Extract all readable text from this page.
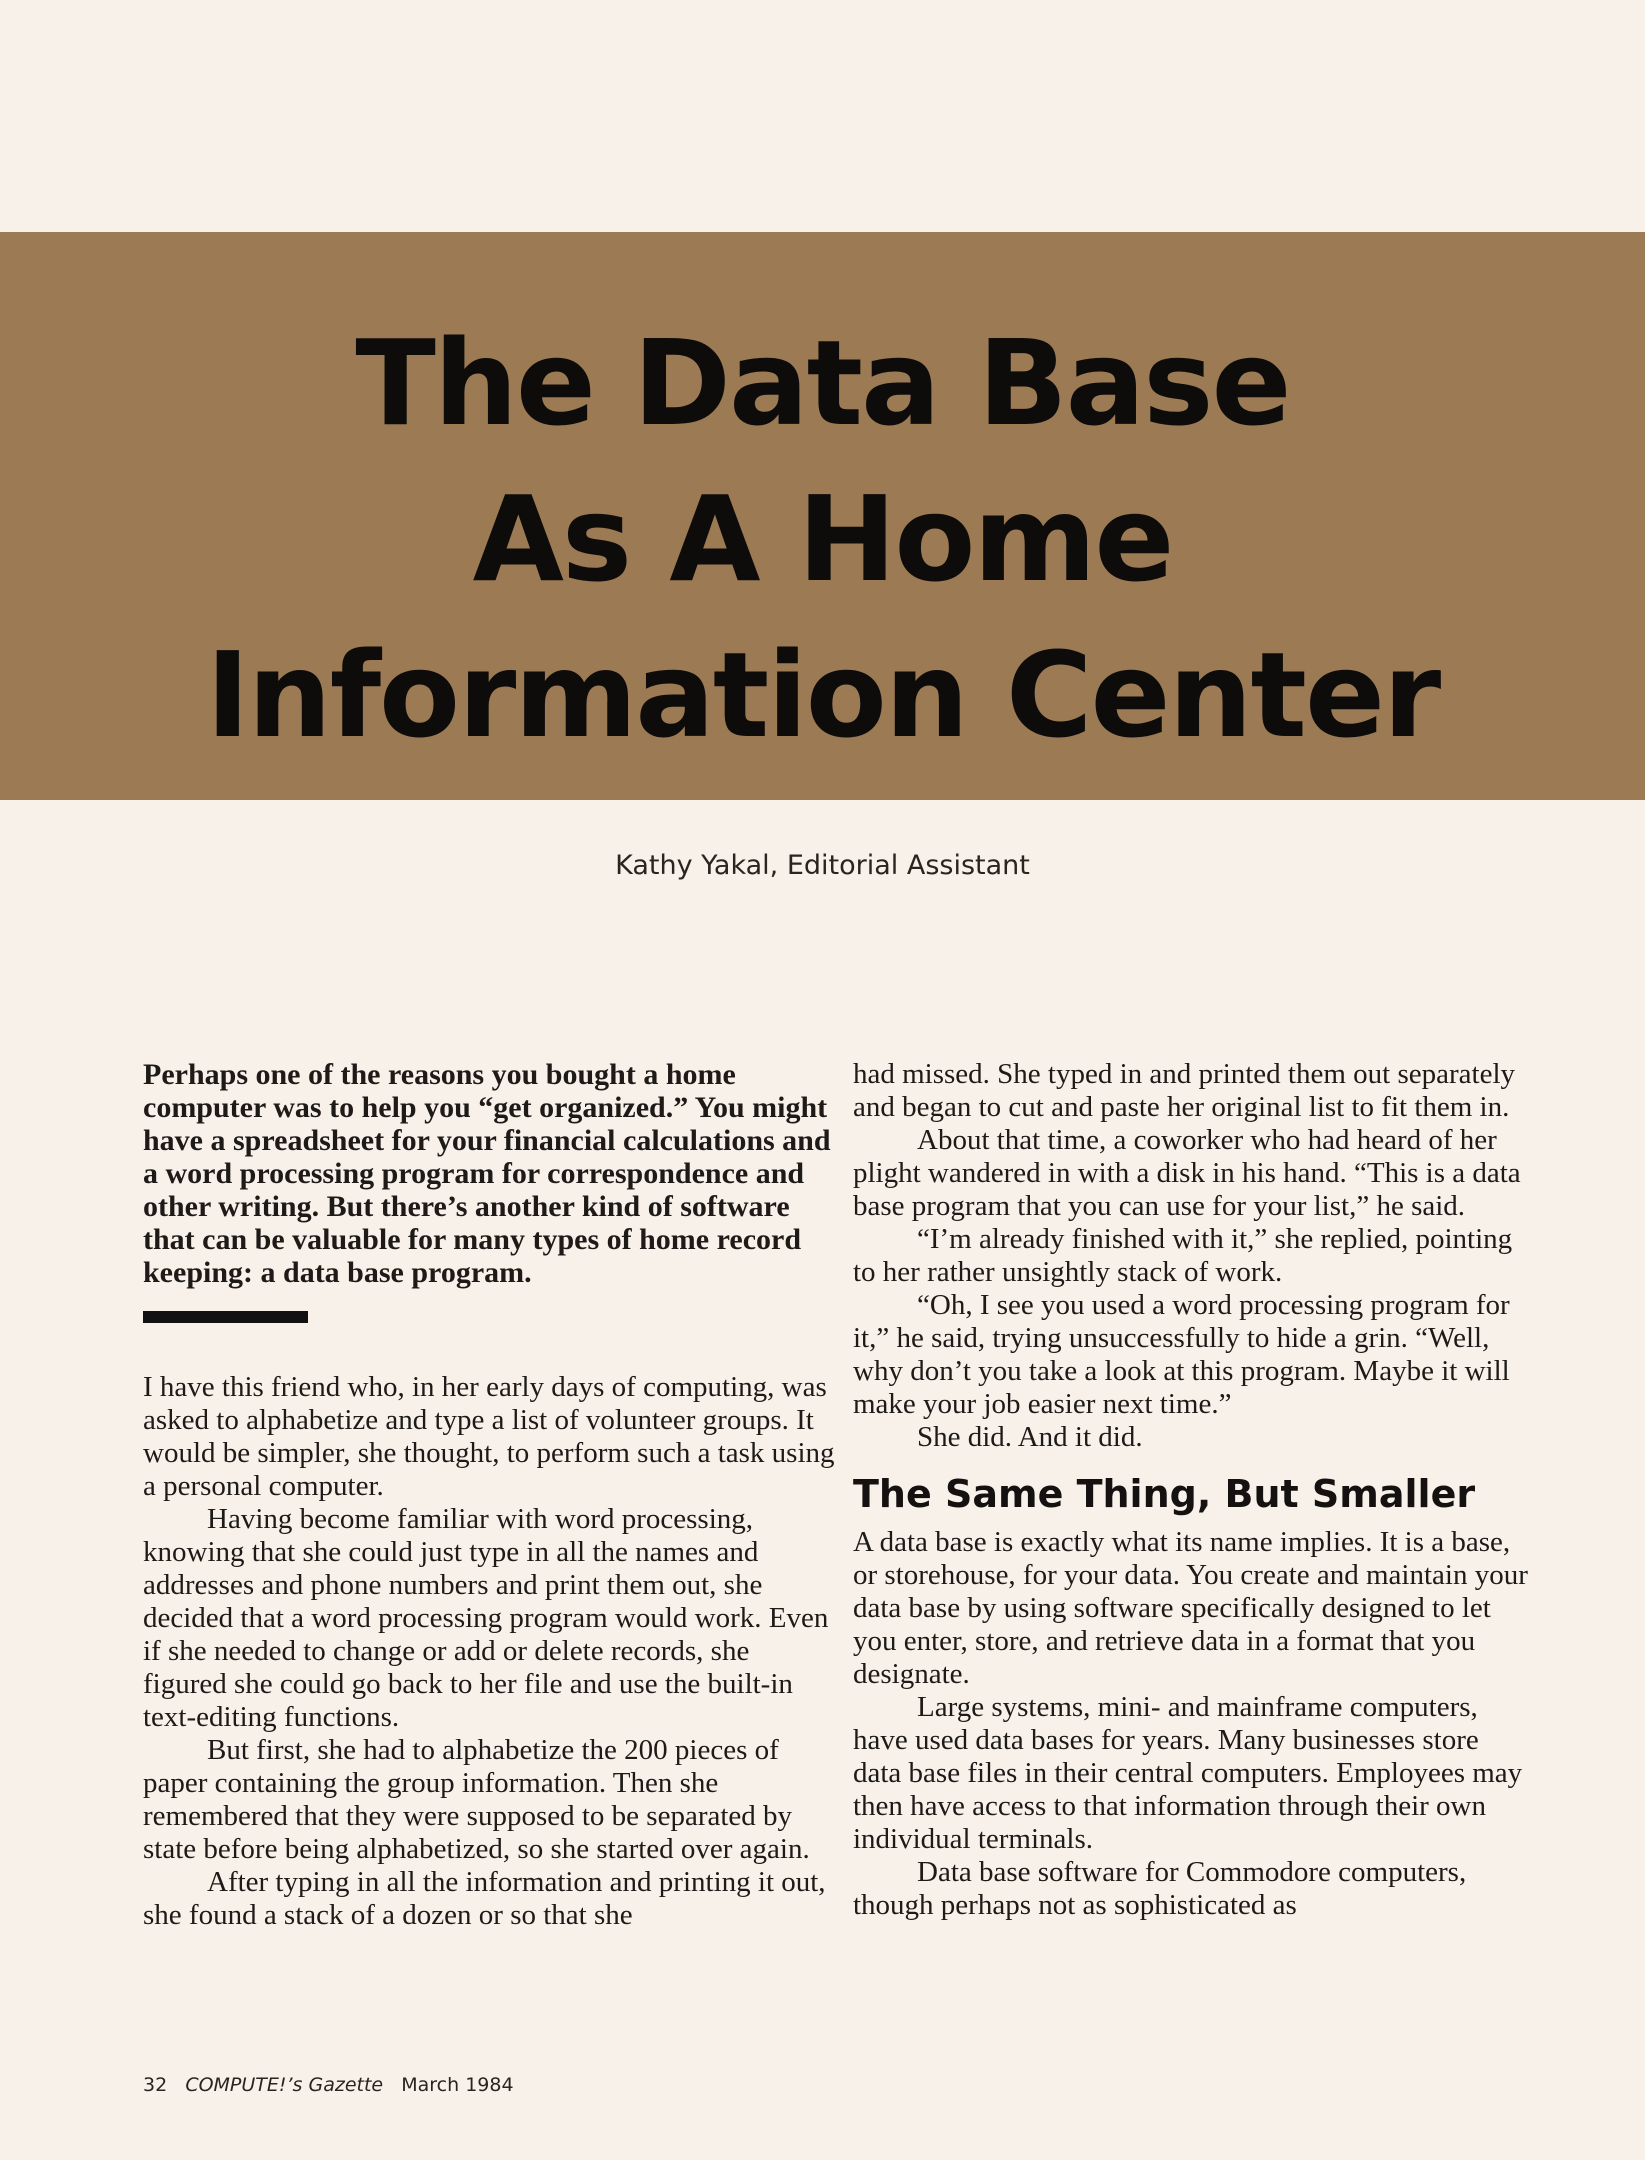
The Data Base
As A Home
Information Center
Kathy Yakal, Editorial Assistant

Perhaps one of the reasons you bought a home computer was to help you “get organized.” You might have a spreadsheet for your financial calculations and a word processing program for correspondence and other writing. But there’s another kind of software that can be valuable for many types of home record keeping: a data base program.

I have this friend who, in her early days of computing, was asked to alphabetize and type a list of volunteer groups. It would be simpler, she thought, to perform such a task using a personal computer.

Having become familiar with word processing, knowing that she could just type in all the names and addresses and phone numbers and print them out, she decided that a word processing program would work. Even if she needed to change or add or delete records, she figured she could go back to her file and use the built-in text-editing functions.

But first, she had to alphabetize the 200 pieces of paper containing the group information. Then she remembered that they were supposed to be separated by state before being alphabetized, so she started over again.

After typing in all the information and printing it out, she found a stack of a dozen or so that she

had missed. She typed in and printed them out separately and began to cut and paste her original list to fit them in.

About that time, a coworker who had heard of her plight wandered in with a disk in his hand. “This is a data base program that you can use for your list,” he said.

“I’m already finished with it,” she replied, pointing to her rather unsightly stack of work.

“Oh, I see you used a word processing program for it,” he said, trying unsuccessfully to hide a grin. “Well, why don’t you take a look at this program. Maybe it will make your job easier next time.”

She did. And it did.

The Same Thing, But Smaller

A data base is exactly what its name implies. It is a base, or storehouse, for your data. You create and maintain your data base by using software specifically designed to let you enter, store, and retrieve data in a format that you designate.

Large systems, mini- and mainframe computers, have used data bases for years. Many businesses store data base files in their central computers. Employees may then have access to that information through their own individual terminals.

Data base software for Commodore computers, though perhaps not as sophisticated as

32 COMPUTE!’s Gazette March 1984
